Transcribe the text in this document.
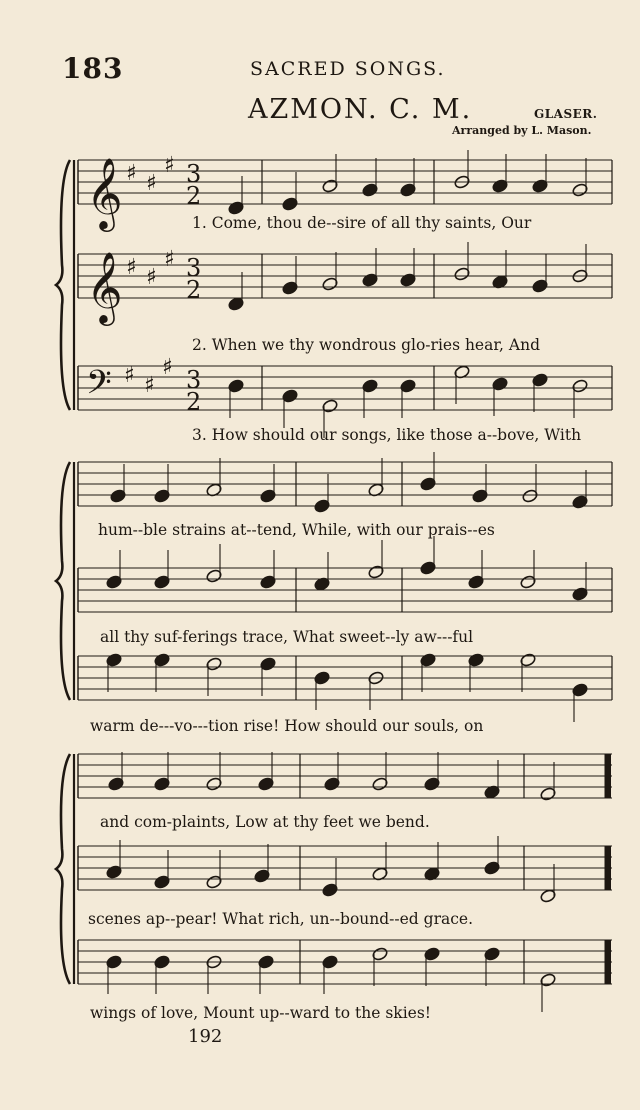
183	SACRED SONGS.
AZMON. C. M.	GLASER.
Arranged by L. Mason.
𝄞
𝄞
𝄢
♯ ♯
♯ 3
2
♯ ♯
♯ 3
2
♯ ♯
♯ 3
2
1. Come, thou de--sire of all thy saints, Our
2. When we thy wondrous glo-ries hear, And
3. How should our songs, like those a--bove, With
hum--ble strains at--tend, While, with our prais--es
all thy suf-ferings trace, What sweet--ly aw---ful
warm de---vo---tion rise! How should our souls, on
and com-plaints, Low at thy feet we bend.
scenes ap--pear! What rich, un--bound--ed grace.
wings of love, Mount up--ward to the skies!
192
